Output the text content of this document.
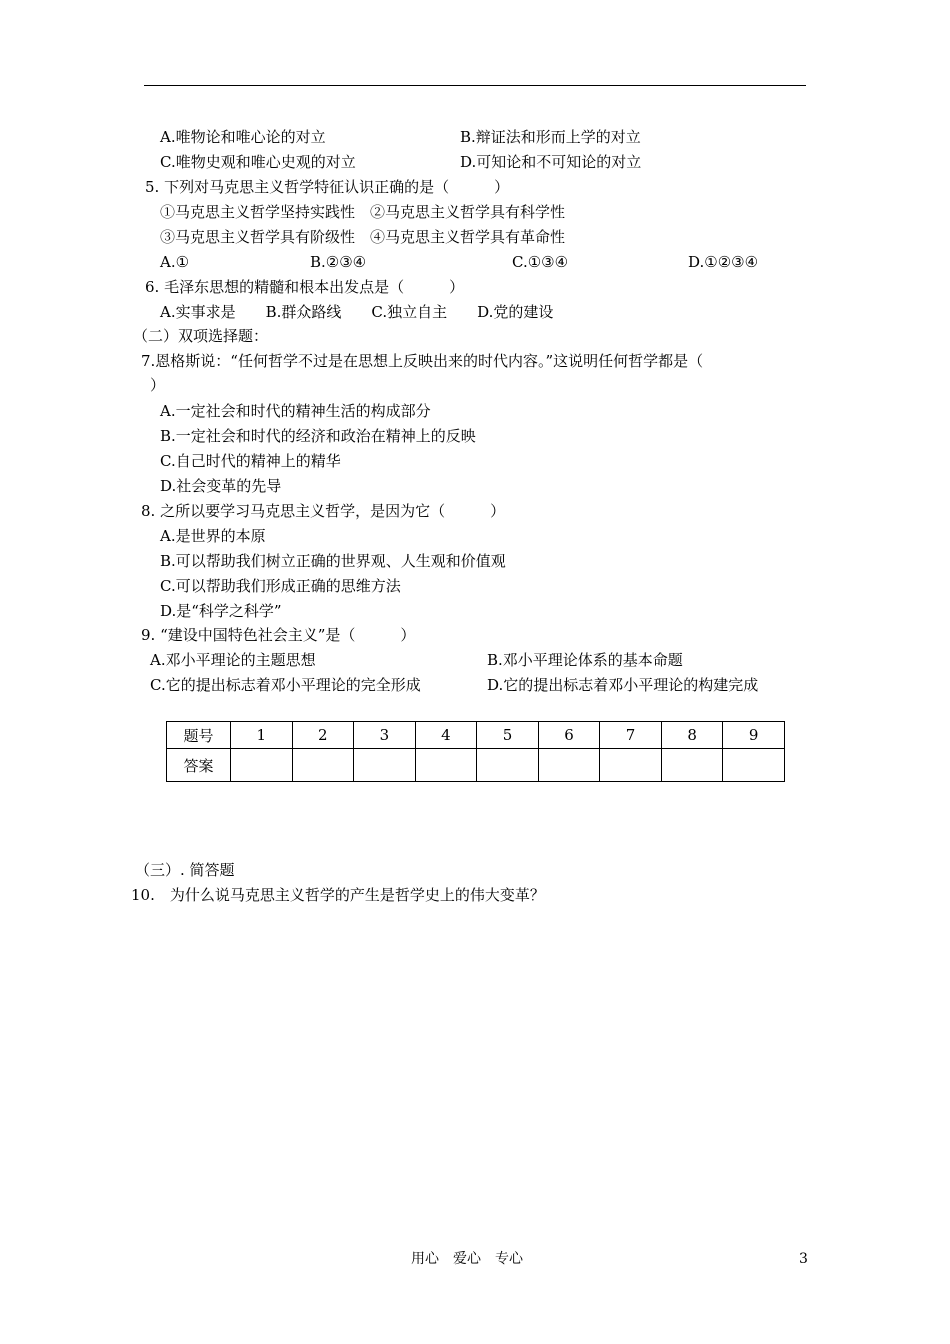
A.唯物论和唯心论的对立	B.辩证法和形而上学的对立
C.唯物史观和唯心史观的对立	D.可知论和不可知论的对立
5. 下列对马克思主义哲学特征认识正确的是（　　　）
①马克思主义哲学坚持实践性　②马克思主义哲学具有科学性
③马克思主义哲学具有阶级性　④马克思主义哲学具有革命性
A.①	B.②③④	C.①③④	D.①②③④
6. 毛泽东思想的精髓和根本出发点是（　　　）
A.实事求是　　B.群众路线　　C.独立自主　　D.党的建设
（二）双项选择题：
7.恩格斯说：“任何哲学不过是在思想上反映出来的时代内容。”这说明任何哲学都是（
）
A.一定社会和时代的精神生活的构成部分
B.一定社会和时代的经济和政治在精神上的反映
C.自己时代的精神上的精华
D.社会变革的先导
8. 之所以要学习马克思主义哲学，是因为它（　　　）
A.是世界的本原
B.可以帮助我们树立正确的世界观、人生观和价值观
C.可以帮助我们形成正确的思维方法
D.是“科学之科学”
9. “建设中国特色社会主义”是（　　　）
A.邓小平理论的主题思想	B.邓小平理论体系的基本命题
C.它的提出标志着邓小平理论的完全形成	D.它的提出标志着邓小平理论的构建完成
题号	1	2	3	4	5	6	7	8	9
答案									
（三）. 简答题
10.　为什么说马克思主义哲学的产生是哲学史上的伟大变革？
用心　爱心　专心	3
